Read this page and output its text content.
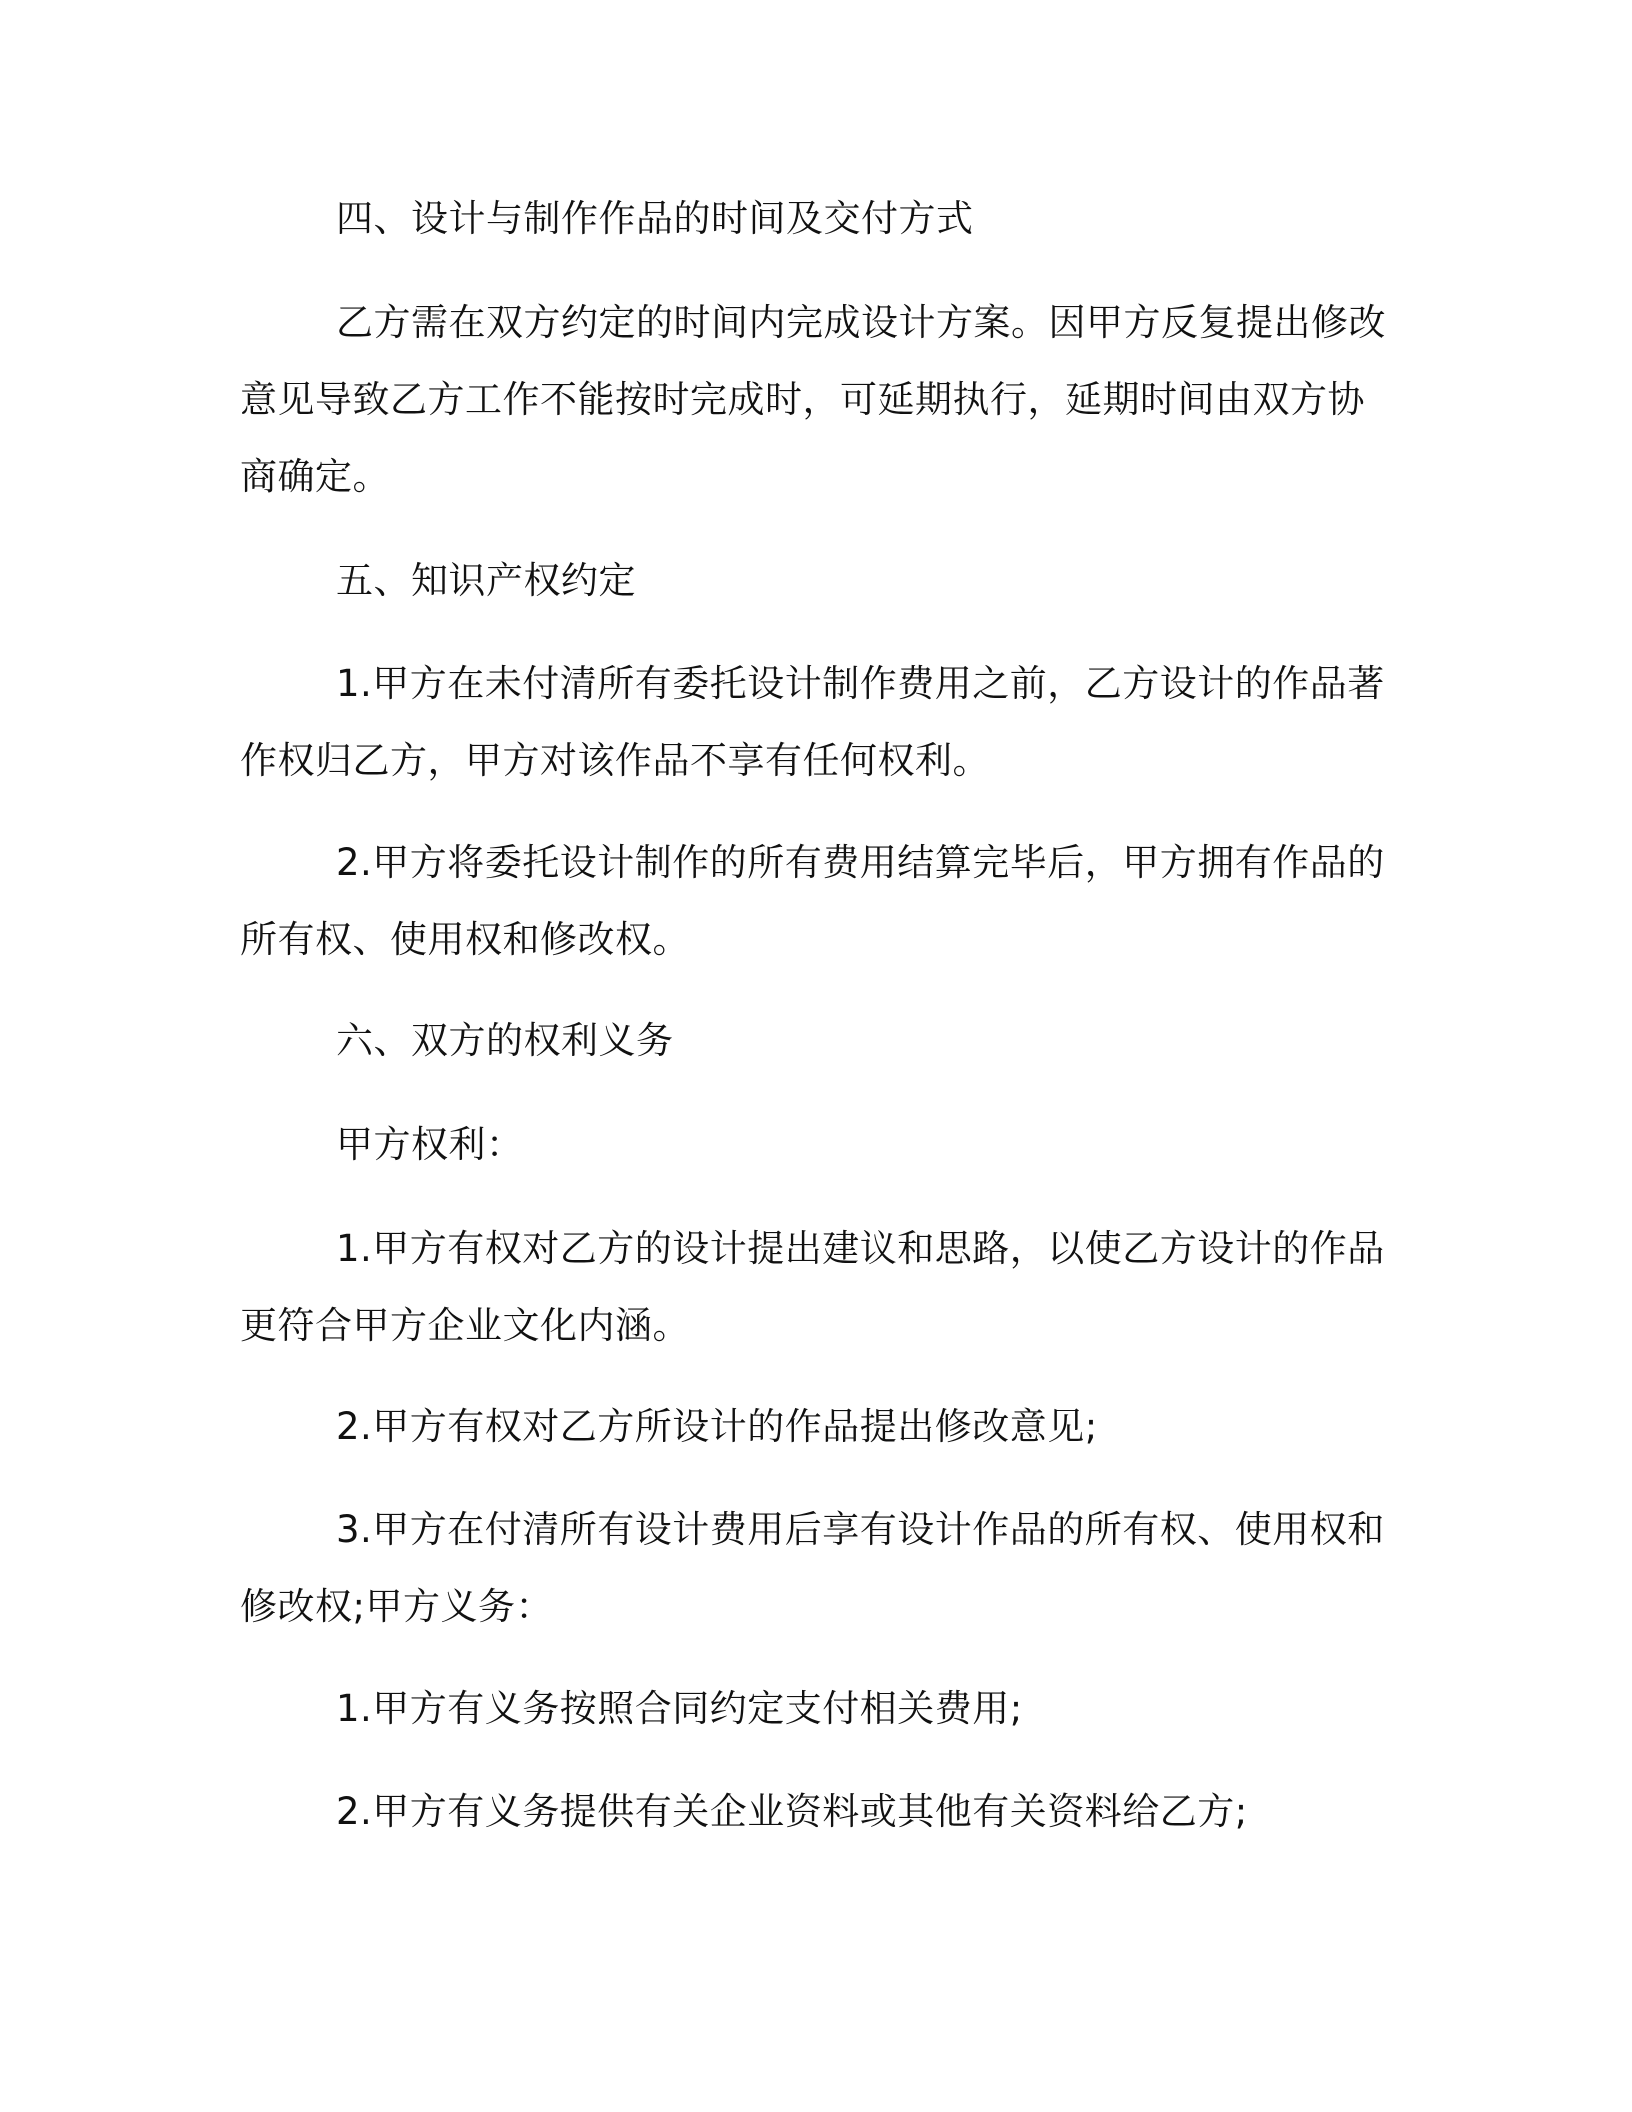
四、设计与制作作品的时间及交付方式

乙方需在双方约定的时间内完成设计方案。因甲方反复提出修改意见导致乙方工作不能按时完成时，可延期执行，延期时间由双方协商确定。

五、知识产权约定

1.甲方在未付清所有委托设计制作费用之前，乙方设计的作品著作权归乙方，甲方对该作品不享有任何权利。

2.甲方将委托设计制作的所有费用结算完毕后，甲方拥有作品的所有权、使用权和修改权。

六、双方的权利义务

甲方权利：

1.甲方有权对乙方的设计提出建议和思路，以使乙方设计的作品更符合甲方企业文化内涵。

2.甲方有权对乙方所设计的作品提出修改意见;

3.甲方在付清所有设计费用后享有设计作品的所有权、使用权和修改权;甲方义务：

1.甲方有义务按照合同约定支付相关费用;

2.甲方有义务提供有关企业资料或其他有关资料给乙方;
